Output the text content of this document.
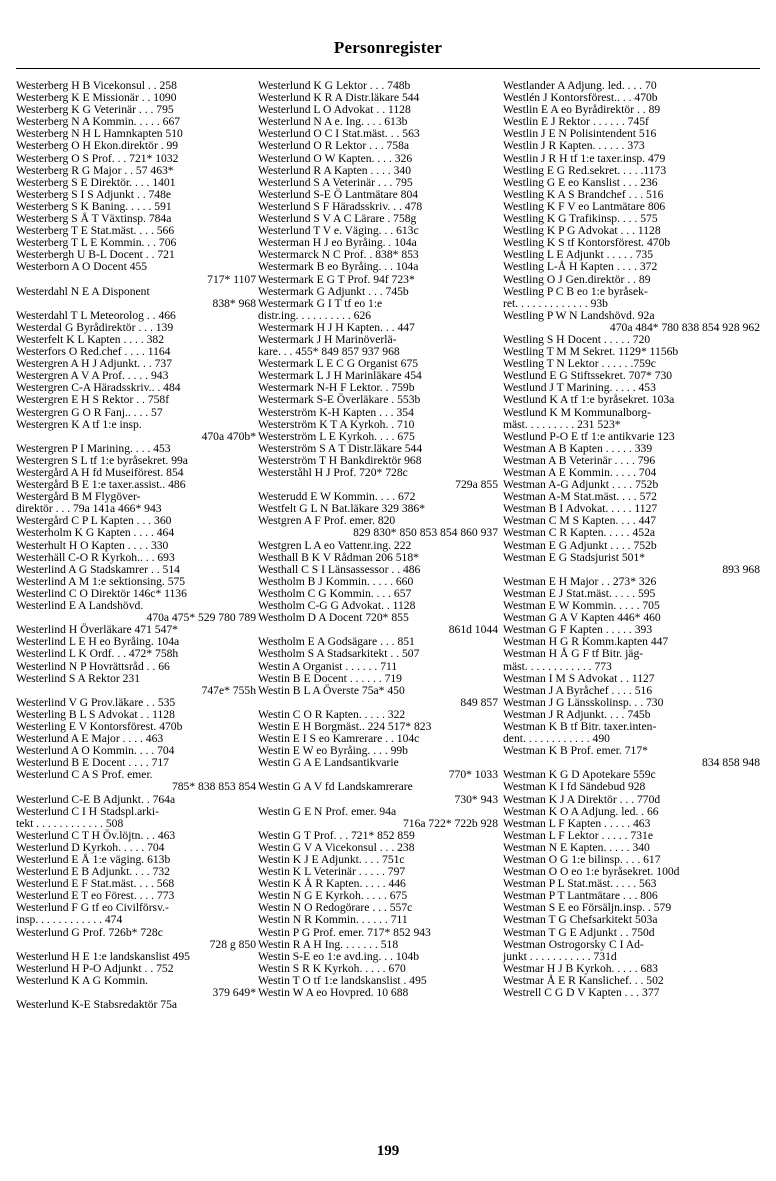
Personregister

Westerberg H B Vicekonsul . . 258

Westerberg K E Missionär . . 1090

Westerberg K G Veterinär . . . 795

Westerberg N A Kommin. . . . . 667

Westerberg N H L Hamnkapten 510

Westerberg O H Ekon.direktör . 99

Westerberg O S Prof. . . 721* 1032

Westerberg R G Major . . 57 463*

Westerberg S E Direktör. . . . 1401

Westerberg S I S Adjunkt . . 748e

Westerberg S K Baning. . . . . 591

Westerberg S Å T Växtinsp. 784a

Westerberg T E Stat.mäst. . . . 566

Westerberg T L E Kommin. . . 706

Westerbergh U B-L Docent . . 721

Westerborn A O Docent 455
717* 1107

Westerdahl N E A Disponent
838* 968

Westerdahl T L Meteorolog . . 466

Westerdal G Byrådirektör . . . 139

Westerfelt K L Kapten . . . . 382

Westerfors O Red.chef . . . . 1164

Westergren A H J Adjunkt. . . 737

Westergren A V A Prof. . . . . 943

Westergren C-A Häradsskriv.. . 484

Westergren E H S Rektor . . 758f

Westergren G O R Fanj.. . . . 57

Westergren K A tf 1:e insp.
470a 470b*

Westergren P I Marining. . . . 453

Westergren S L tf 1:e byråsekret. 99a

Westergård A H fd Museiförest. 854

Westergård B E 1:e taxer.assist.. 486

Westergård B M Flygöver-
direktör . . . 79a 141a 466* 943

Westergård C P L Kapten . . . 360

Westerholm K G Kapten . . . . 464

Westerhult H O Kapten . . . . 330

Westerhäll C-O R Kyrkoh.. . . 693

Westerlind A G Stadskamrer . . 514

Westerlind A M 1:e sektionsing. 575

Westerlind C O Direktör 146c* 1136

Westerlind E A Landshövd.
470a 475* 529 780 789

Westerlind H Överläkare 471 547*

Westerlind L E H eo Byråing. 104a

Westerlind L K Ordf. . . 472* 758h

Westerlind N P Hovrättsråd . . 66

Westerlind S A Rektor 231
747e* 755h

Westerlind V G Prov.läkare . . 535

Westerling B L S Advokat . . 1128

Westerling E V Kontorsförest. 470b

Westerlund A E Major . . . . 463

Westerlund A O Kommin. . . . 704

Westerlund B E Docent . . . . 717

Westerlund C A S Prof. emer.
785* 838 853 854

Westerlund C-E B Adjunkt. . 764a

Westerlund C I H Stadspl.arki-
tekt . . . . . . . . . . . . 508

Westerlund C T H Öv.löjtn. . . 463

Westerlund D Kyrkoh. . . . . 704

Westerlund E Å 1:e väging. 613b

Westerlund E B Adjunkt. . . . 732

Westerlund E F Stat.mäst. . . . 568

Westerlund E T eo Förest. . . . 773

Westerlund F G tf eo Civilförsv.-
insp. . . . . . . . . . . . 474

Westerlund G Prof. 726b* 728c
728 g 850

Westerlund H E 1:e landskanslist 495

Westerlund H P-O Adjunkt . . 752

Westerlund K A G Kommin.
379 649*

Westerlund K-E Stabsredaktör 75a

Westerlund K G Lektor . . . 748b

Westerlund K R A Distr.läkare 544

Westerlund L O Advokat . . 1128

Westerlund N A e. Ing. . . . 613b

Westerlund O C I Stat.mäst. . . 563

Westerlund O R Lektor . . . 758a

Westerlund O W Kapten. . . . 326

Westerlund R A Kapten . . . . 340

Westerlund S A Veterinär . . . 795

Westerlund S-E Ö Lantmätare 804

Westerlund S F Häradsskriv. . . 478

Westerlund S V A C Lärare . 758g

Westerlund T V e. Väging. . . 613c

Westerman H J eo Byråing. . 104a

Westermarck N C Prof. . 838* 853

Westermark B eo Byråing. . . 104a

Westermark E G T Prof. 94f 723*

Westermark G Adjunkt . . . 745b

Westermark G I T tf eo 1:e
distr.ing. . . . . . . . . . 626

Westermark H J H Kapten. . . 447

Westermark J H Marinöverlä-
kare. . . 455* 849 857 937 968

Westermark L E C G Organist 675

Westermark L J H Marinläkare 454

Westermark N-H F Lektor. . 759b

Westermark S-E Överläkare . 553b

Westerström K-H Kapten . . . 354

Westerström K T A Kyrkoh. . 710

Westerström L E Kyrkoh. . . . 675

Westerström S A T Distr.läkare 544

Westerström T H Bankdirektör 968

Westerståhl H J Prof. 720* 728c
729a 855

Westerudd E W Kommin. . . . 672

Westfelt G L N Bat.läkare 329 386*

Westgren A F Prof. emer. 820
829 830* 850 853 854 860 937

Westgren L A eo Vattenr.ing. 222

Westhall B K V Rådman 206 518*

Westhall C S I Länsassessor . . 486

Westholm B J Kommin. . . . . 660

Westholm C G Kommin. . . . 657

Westholm C-G G Advokat. . 1128

Westholm D A Docent 720* 855
861d 1044

Westholm E A Godsägare . . . 851

Westholm S A Stadsarkitekt . . 507

Westin A Organist . . . . . . 711

Westin B E Docent . . . . . . 719

Westin B L A Överste 75a* 450
849 857

Westin C O R Kapten. . . . . 322

Westin E H Borgmäst.. 224 517* 823

Westin E I S eo Kamrerare . . 104c

Westin E W eo Byråing. . . . 99b

Westin G A E Landsantikvarie
770* 1033

Westin G A V fd Landskamrerare
730* 943

Westin G E N Prof. emer. 94a
716a 722* 722b 928

Westin G T Prof. . . 721* 852 859

Westin G V A Vicekonsul . . . 238

Westin K J E Adjunkt. . . . 751c

Westin K L Veterinär . . . . . 797

Westin K Å R Kapten. . . . . 446

Westin N G E Kyrkoh. . . . . 675

Westin N O Redogörare . . . 557c

Westin N R Kommin. . . . . . 711

Westin P G Prof. emer. 717* 852 943

Westin R A H Ing. . . . . . . 518

Westin S-E eo 1:e avd.ing. . . 104b

Westin S R K Kyrkoh. . . . . 670

Westin T O tf 1:e landskanslist . 495

Westin W A eo Hovpred. 10 688

Westlander A Adjung. led. . . . 70

Westlén J Kontorsförest.. . . 470b

Westlin E A eo Byrådirektör . . 89

Westlin E J Rektor . . . . . . 745f

Westlin J E N Polisintendent 516

Westlin J R Kapten. . . . . . 373

Westlin J R H tf 1:e taxer.insp. 479

Westling E G Red.sekret. . . . .1173

Westling G E eo Kanslist . . . 236

Westling K A S Brandchef . . . 516

Westling K F V eo Lantmätare 806

Westling K G Trafikinsp. . . . 575

Westling K P G Advokat . . . 1128

Westling K S tf Kontorsförest. 470b

Westling L E Adjunkt . . . . . 735

Westling L-Å H Kapten . . . . 372

Westling O J Gen.direktör . . 89

Westling P C B eo 1:e byråsek-
ret. . . . . . . . . . . . . 93b

Westling P W N Landshövd. 92a
470a 484* 780 838 854 928 962

Westling S H Docent . . . . . 720

Westling T M M Sekret. 1129* 1156b

Westling T N Lektor . . . . . .759c

Westlund E G Stiftssekret. 707* 730

Westlund J T Marining. . . . . 453

Westlund K A tf 1:e byråsekret. 103a

Westlund K M Kommunalborg-
mäst. . . . . . . . . 231 523*

Westlund P-O E tf 1:e antikvarie 123

Westman A B Kapten . . . . . 339

Westman A B Veterinär . . . . 796

Westman A E Kommin. . . . . 704

Westman A-G Adjunkt . . . . 752b

Westman A-M Stat.mäst. . . . 572

Westman B I Advokat. . . . . 1127

Westman C M S Kapten. . . . 447

Westman C R Kapten. . . . . 452a

Westman E G Adjunkt . . . . 752b

Westman E G Stadsjurist 501*
893 968

Westman E H Major . . 273* 326

Westman E J Stat.mäst. . . . . 595

Westman E W Kommin. . . . . 705

Westman G A V Kapten 446* 460

Westman G F Kapten . . . . . 393

Westman H G R Komm.kapten 447

Westman H Å G F tf Bitr. jäg-
mäst. . . . . . . . . . . . 773

Westman I M S Advokat . . 1127

Westman J A Byråchef . . . . 516

Westman J G Länsskolinsp. . . 730

Westman J R Adjunkt. . . . 745b

Westman K B tf Bitr. taxer.inten-
dent. . . . . . . . . . . . 490

Westman K B Prof. emer. 717*
834 858 948

Westman K G D Apotekare 559c

Westman K I fd Sändebud 928

Westman K J A Direktör . . . 770d

Westman K O A Adjung. led. . 66

Westman L F Kapten . . . . . 463

Westman L F Lektor . . . . . 731e

Westman N E Kapten. . . . . 340

Westman O G 1:e bilinsp. . . . 617

Westman O O eo 1:e byråsekret. 100d

Westman P L Stat.mäst. . . . . 563

Westman P T Lantmätare . . . 806

Westman S E eo Försäljn.insp. . 579

Westman T G Chefsarkitekt 503a

Westman T G E Adjunkt . . 750d

Westman Ostrogorsky C I Ad-
junkt . . . . . . . . . . . 731d

Westmar H J B Kyrkoh. . . . . 683

Westmar Å E R Kanslichef. . . 502

Westrell C G D V Kapten . . . 377

199
